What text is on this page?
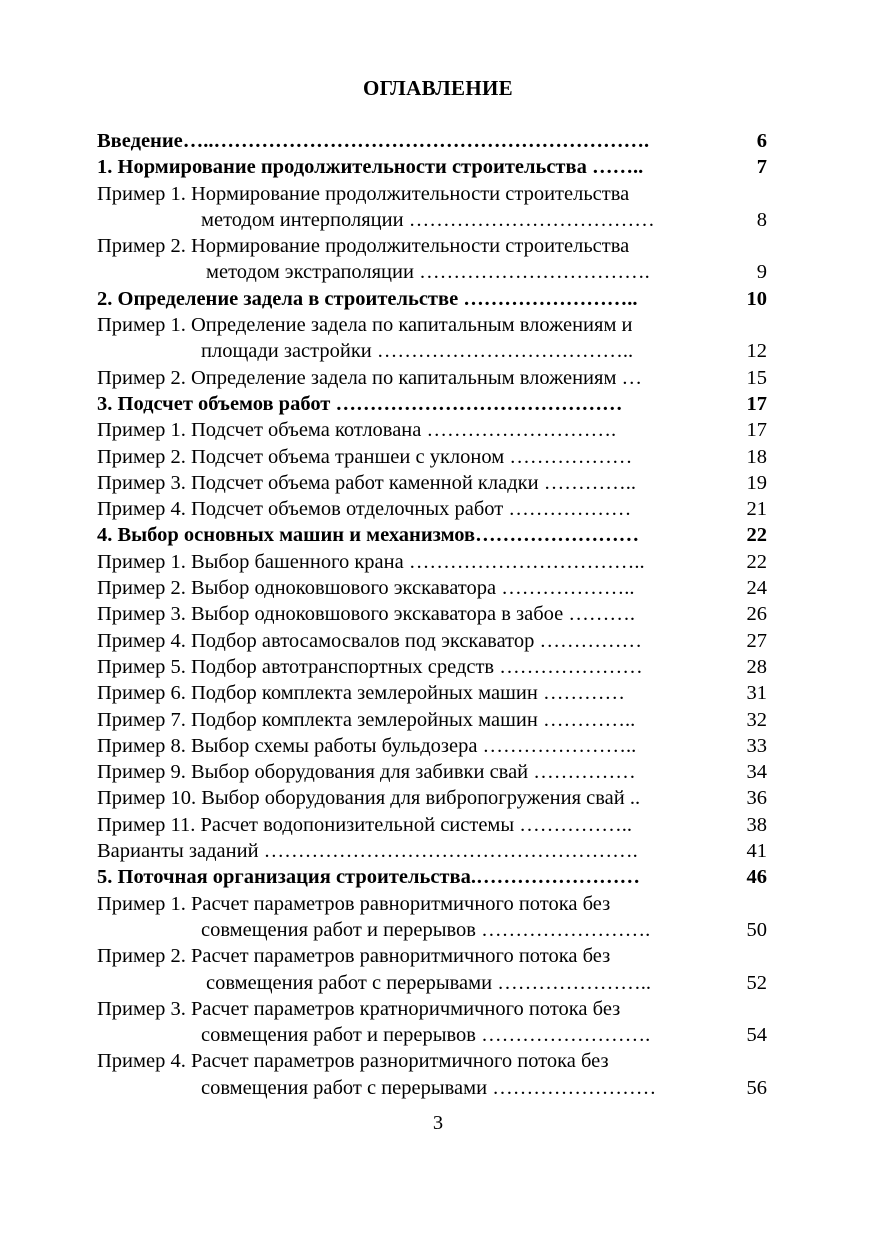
ОГЛАВЛЕНИЕ
Введение…..……………………………………………………….	6
1. Нормирование продолжительности строительства ……..	7
Пример 1. Нормирование продолжительности строительства
методом интерполяции ………………………………	8
Пример 2. Нормирование продолжительности строительства
методом экстраполяции …………………………….	9
2. Определение задела в строительстве ……………………..	10
Пример 1. Определение задела по капитальным вложениям и
площади застройки ………………………………..	12
Пример 2. Определение задела по капитальным вложениям …	15
3. Подсчет объемов работ ……………………………………	17
Пример 1. Подсчет объема котлована ……………………….	17
Пример 2. Подсчет объема траншеи с уклоном ………………	18
Пример 3. Подсчет объема работ каменной кладки …………..	19
Пример 4. Подсчет объемов отделочных работ ………………	21
4. Выбор основных машин и механизмов……………………	22
Пример 1. Выбор башенного крана ……………………………..	22
Пример 2. Выбор одноковшового экскаватора ………………..	24
Пример 3. Выбор одноковшового экскаватора в забое ……….	26
Пример 4. Подбор автосамосвалов под экскаватор ……………	27
Пример 5. Подбор автотранспортных средств …………………	28
Пример 6. Подбор комплекта землеройных машин …………	31
Пример 7. Подбор комплекта землеройных машин …………..	32
Пример 8. Выбор схемы работы бульдозера …………………..	33
Пример 9. Выбор оборудования для забивки свай ……………	34
Пример 10. Выбор оборудования для вибропогружения свай ..	36
Пример 11. Расчет водопонизительной системы ……………..	38
Варианты заданий ……………………………………………….	41
5. Поточная организация строительства.……………………	46
Пример 1. Расчет параметров равноритмичного потока без
совмещения работ и перерывов …………………….	50
Пример 2. Расчет параметров равноритмичного потока без
совмещения работ с перерывами …………………..	52
Пример 3. Расчет параметров кратноричмичного потока без
совмещения работ и перерывов …………………….	54
Пример 4. Расчет параметров разноритмичного потока без
совмещения работ с перерывами ……………………	56
3
